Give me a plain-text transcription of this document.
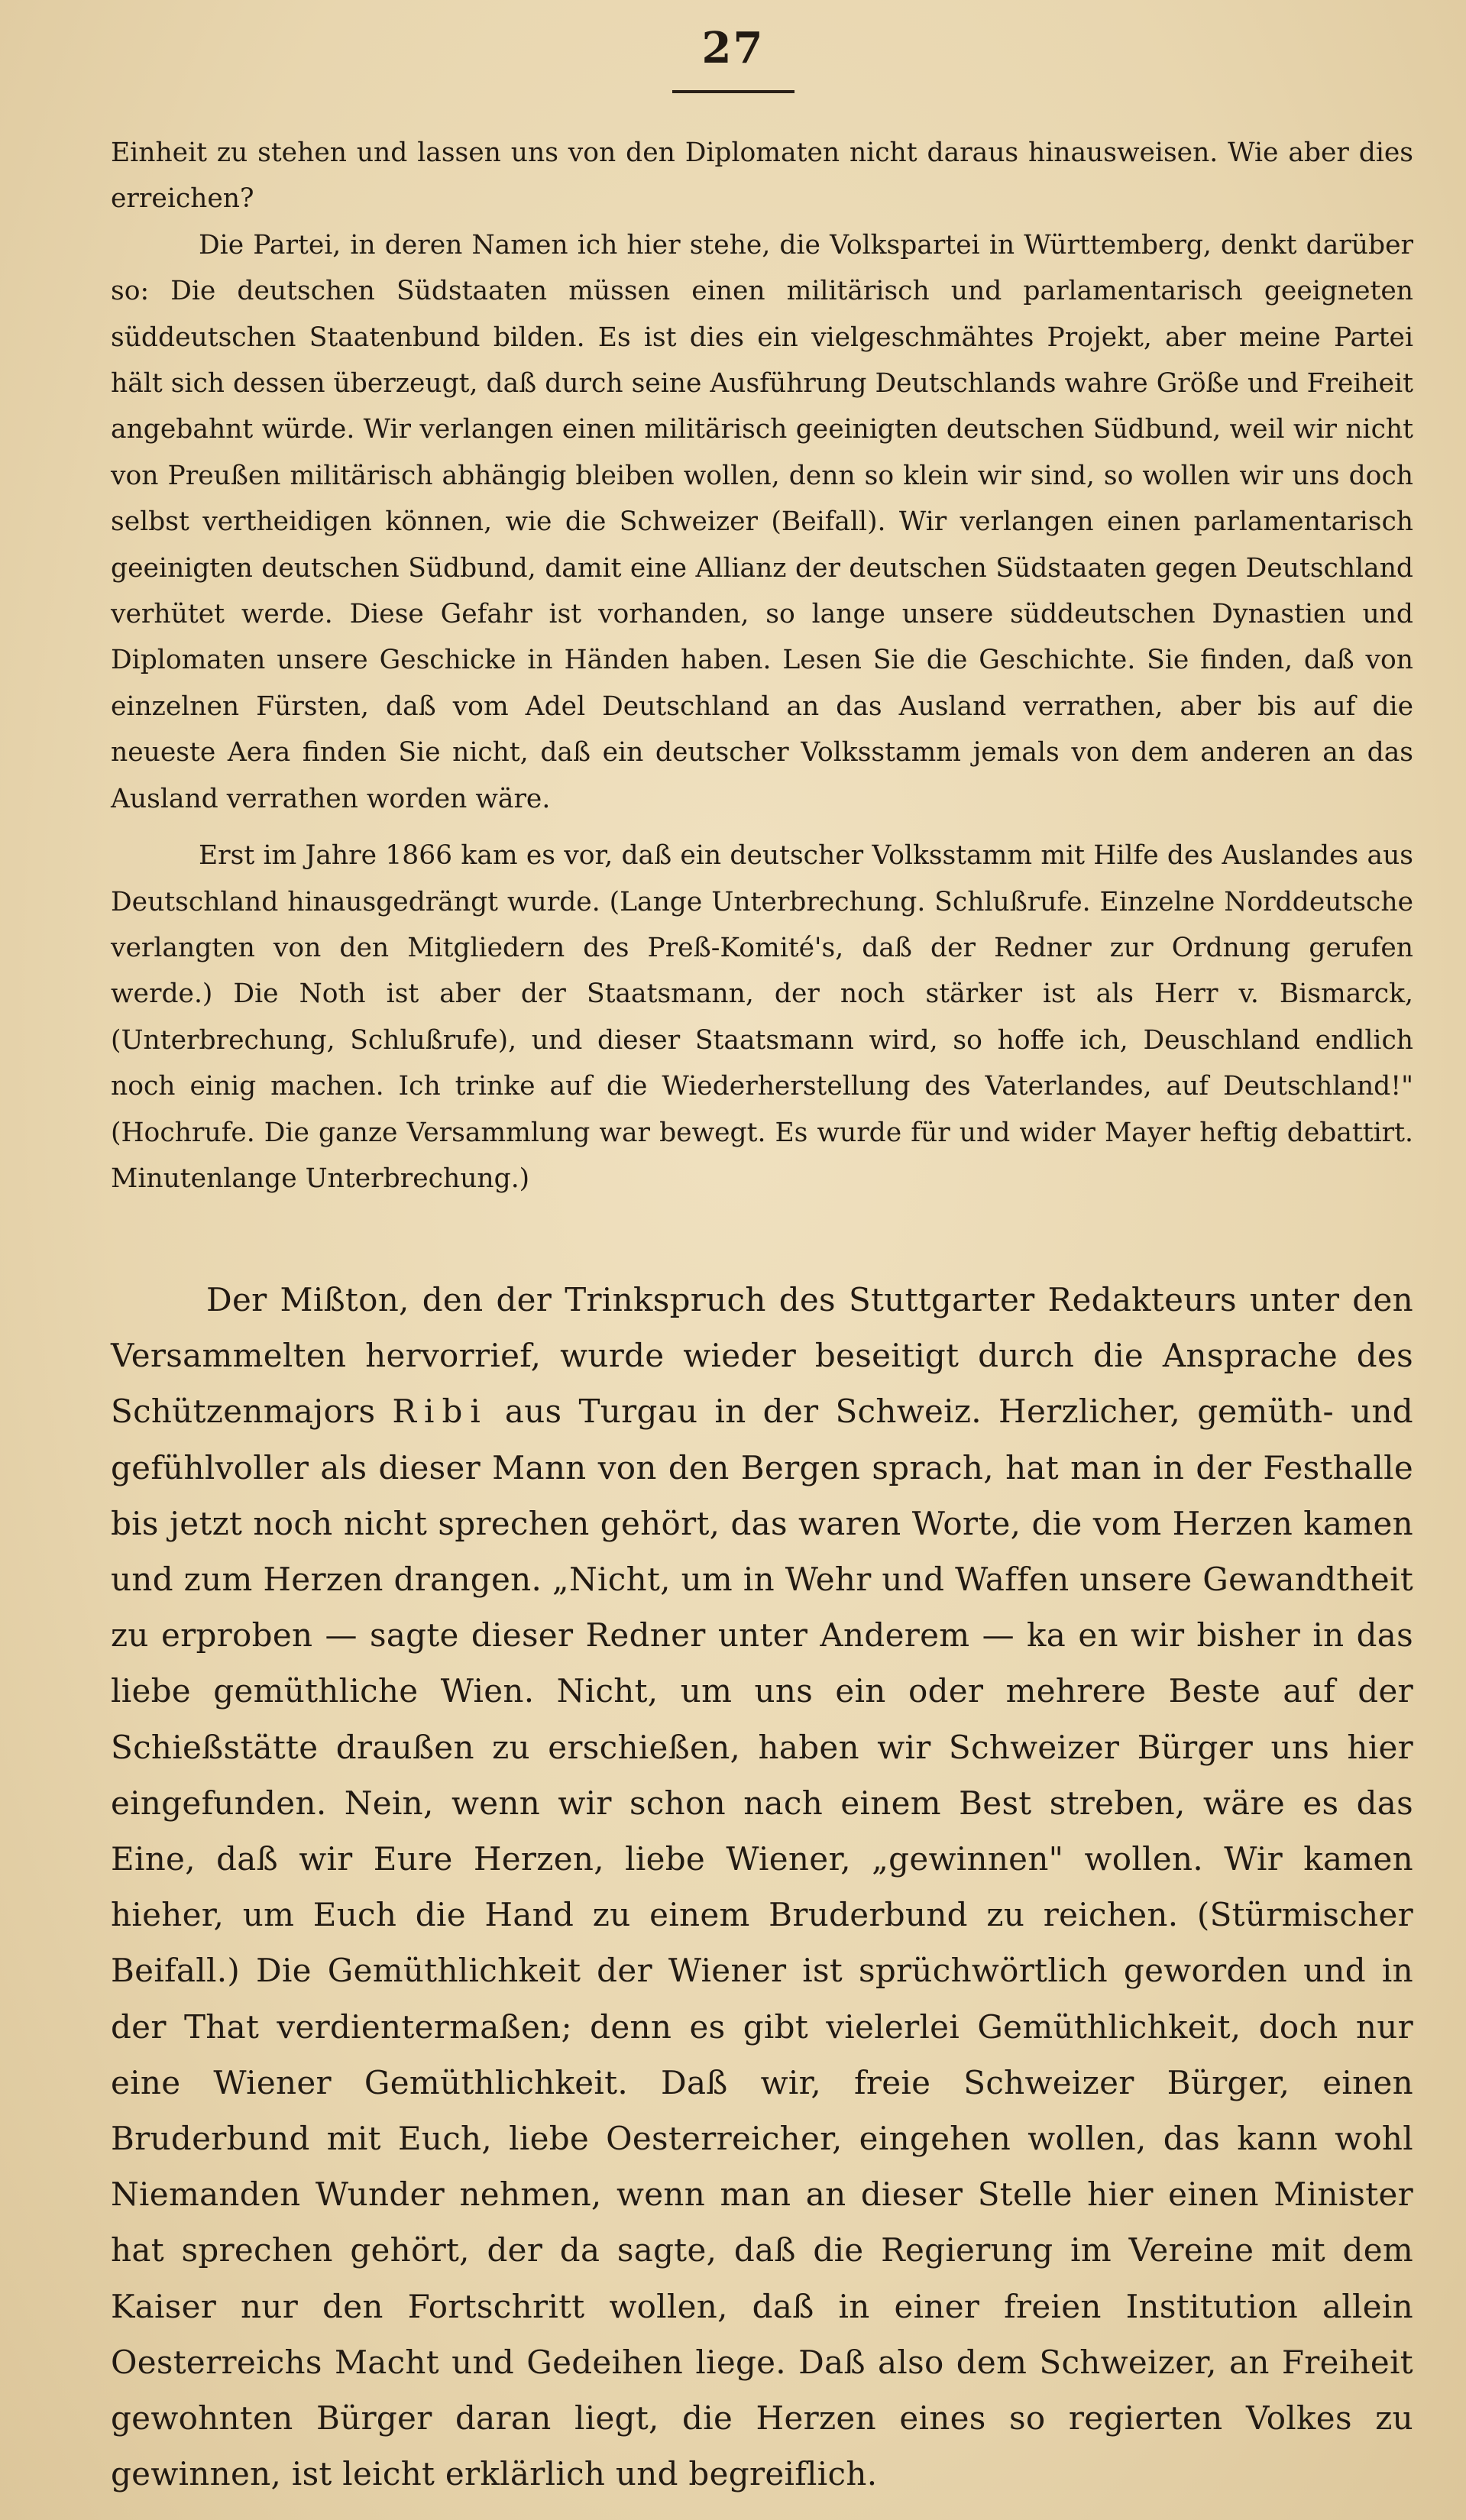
27

Einheit zu stehen und lassen uns von den Diplomaten nicht daraus hinausweisen. Wie aber dies erreichen?

Die Partei, in deren Namen ich hier stehe, die Volkspartei in Württemberg, denkt darüber so: Die deutschen Südstaaten müssen einen militärisch und parlamentarisch geeigneten süddeutschen Staatenbund bilden. Es ist dies ein vielgeschmähtes Projekt, aber meine Partei hält sich dessen überzeugt, daß durch seine Ausführung Deutschlands wahre Größe und Freiheit angebahnt würde. Wir verlangen einen militärisch geeinigten deutschen Südbund, weil wir nicht von Preußen militärisch abhängig bleiben wollen, denn so klein wir sind, so wollen wir uns doch selbst vertheidigen können, wie die Schweizer (Beifall). Wir verlangen einen parlamentarisch geeinigten deutschen Südbund, damit eine Allianz der deutschen Südstaaten gegen Deutschland verhütet werde. Diese Gefahr ist vorhanden, so lange unsere süddeutschen Dynastien und Diplomaten unsere Geschicke in Händen haben. Lesen Sie die Geschichte. Sie finden, daß von einzelnen Fürsten, daß vom Adel Deutschland an das Ausland verrathen, aber bis auf die neueste Aera finden Sie nicht, daß ein deutscher Volksstamm jemals von dem anderen an das Ausland verrathen worden wäre.

Erst im Jahre 1866 kam es vor, daß ein deutscher Volksstamm mit Hilfe des Auslandes aus Deutschland hinausgedrängt wurde. (Lange Unterbrechung. Schlußrufe. Einzelne Norddeutsche verlangten von den Mitgliedern des Preß-Komité's, daß der Redner zur Ordnung gerufen werde.) Die Noth ist aber der Staatsmann, der noch stärker ist als Herr v. Bismarck, (Unterbrechung, Schlußrufe), und dieser Staatsmann wird, so hoffe ich, Deuschland endlich noch einig machen. Ich trinke auf die Wiederherstellung des Vaterlandes, auf Deutschland!" (Hochrufe. Die ganze Versammlung war bewegt. Es wurde für und wider Mayer heftig debattirt. Minutenlange Unterbrechung.)

Der Mißton, den der Trinkspruch des Stuttgarter Redakteurs unter den Versammelten hervorrief, wurde wieder beseitigt durch die Ansprache des Schützenmajors Ribi aus Turgau in der Schweiz. Herzlicher, gemüth- und gefühlvoller als dieser Mann von den Bergen sprach, hat man in der Festhalle bis jetzt noch nicht sprechen gehört, das waren Worte, die vom Herzen kamen und zum Herzen drangen. „Nicht, um in Wehr und Waffen unsere Gewandtheit zu erproben — sagte dieser Redner unter Anderem — ka en wir bisher in das liebe gemüthliche Wien. Nicht, um uns ein oder mehrere Beste auf der Schießstätte draußen zu erschießen, haben wir Schweizer Bürger uns hier eingefunden. Nein, wenn wir schon nach einem Best streben, wäre es das Eine, daß wir Eure Herzen, liebe Wiener, „gewinnen" wollen. Wir kamen hieher, um Euch die Hand zu einem Bruderbund zu reichen. (Stürmischer Beifall.) Die Gemüthlichkeit der Wiener ist sprüchwörtlich geworden und in der That verdientermaßen; denn es gibt vielerlei Gemüthlichkeit, doch nur eine Wiener Gemüthlichkeit. Daß wir, freie Schweizer Bürger, einen Bruderbund mit Euch, liebe Oesterreicher, eingehen wollen, das kann wohl Niemanden Wunder nehmen, wenn man an dieser Stelle hier einen Minister hat sprechen gehört, der da sagte, daß die Regierung im Vereine mit dem Kaiser nur den Fortschritt wollen, daß in einer freien Institution allein Oesterreichs Macht und Gedeihen liege. Daß also dem Schweizer, an Freiheit gewohnten Bürger daran liegt, die Herzen eines so regierten Volkes zu gewinnen, ist leicht erklärlich und begreiflich.
